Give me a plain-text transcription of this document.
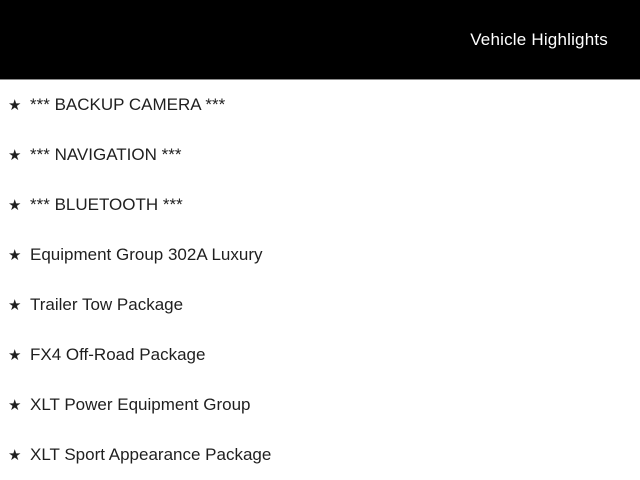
Vehicle Highlights
★ *** BACKUP CAMERA ***
★ *** NAVIGATION ***
★ *** BLUETOOTH ***
★ Equipment Group 302A Luxury
★ Trailer Tow Package
★ FX4 Off-Road Package
★ XLT Power Equipment Group
★ XLT Sport Appearance Package
